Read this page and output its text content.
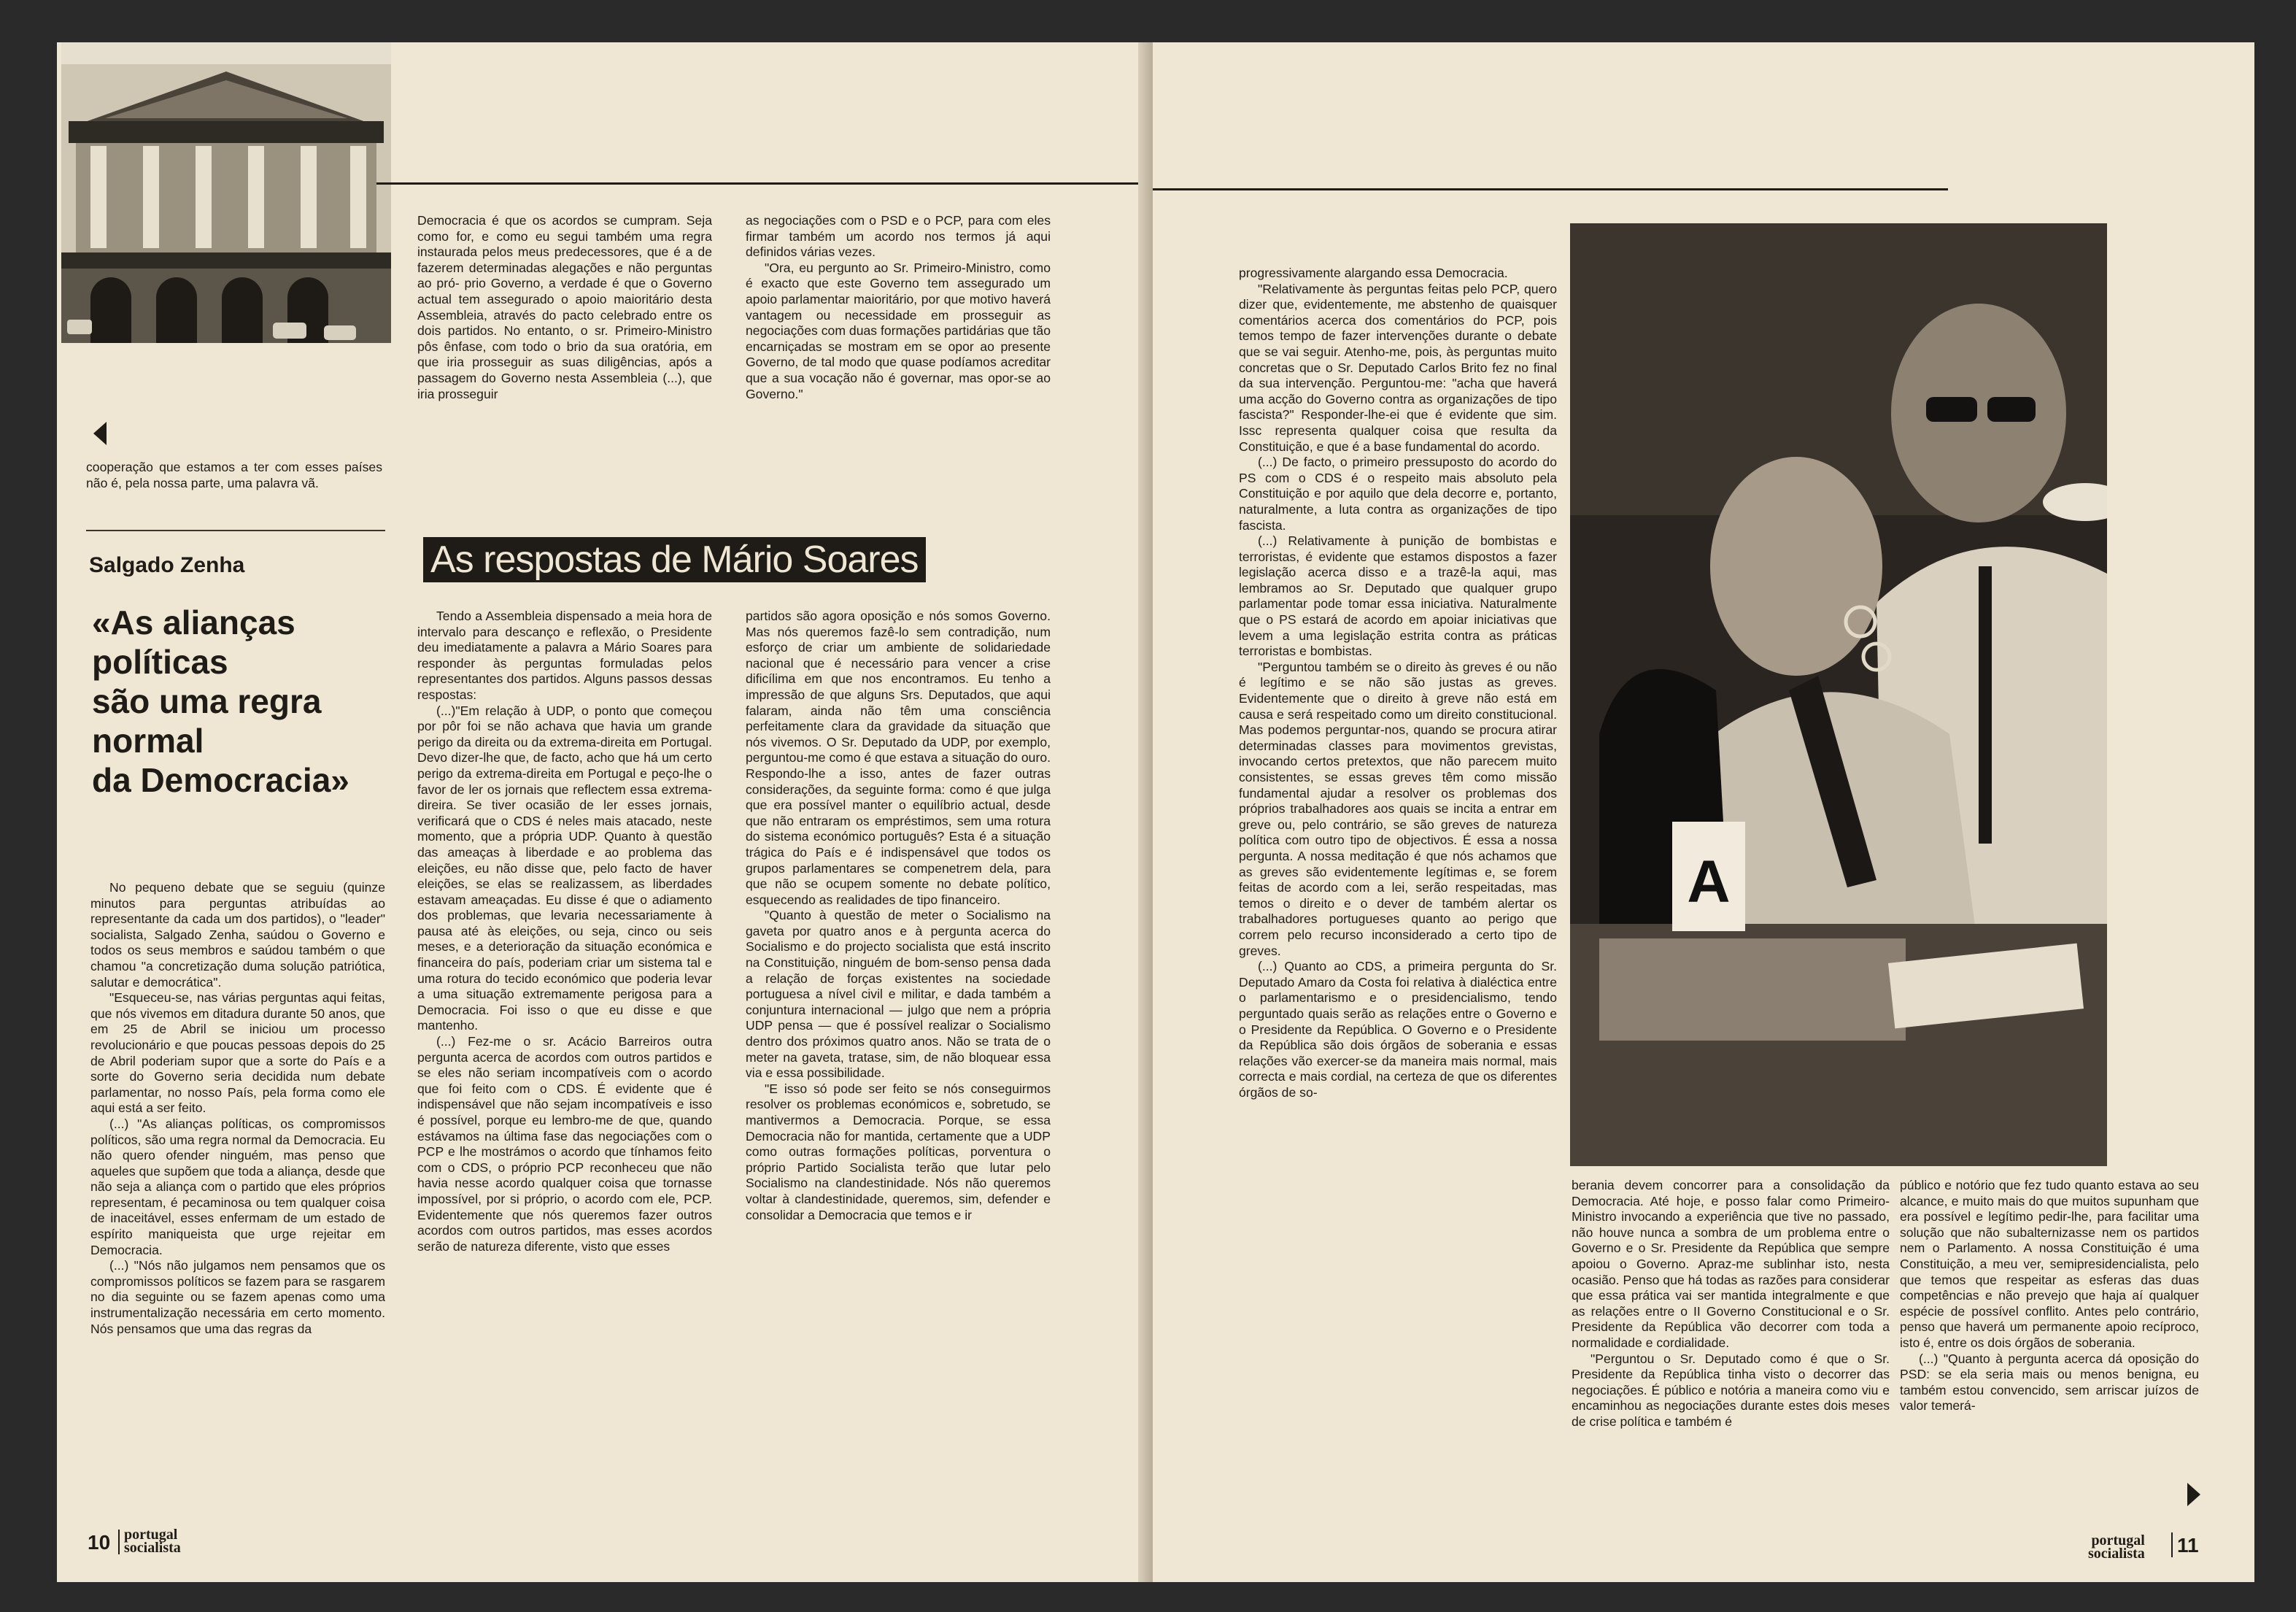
cooperação que estamos a ter com esses países não é, pela nossa parte, uma palavra vã.

Salgado Zenha
«As alianças
políticas
são uma regra
normal
da Democracia»

No pequeno debate que se seguiu (quinze minutos para perguntas atribuídas ao representante da cada um dos partidos), o "leader" socialista, Salgado Zenha, saúdou o Governo e todos os seus membros e saúdou também o que chamou "a concretização duma solução patriótica, salutar e democrática".

"Esqueceu-se, nas várias perguntas aqui feitas, que nós vivemos em ditadura durante 50 anos, que em 25 de Abril se iniciou um processo revolucionário e que poucas pessoas depois do 25 de Abril poderiam supor que a sorte do País e a sorte do Governo seria decidida num debate parlamentar, no nosso País, pela forma como ele aqui está a ser feito.

(...) "As alianças políticas, os compromissos políticos, são uma regra normal da Democracia. Eu não quero ofender ninguém, mas penso que aqueles que supõem que toda a aliança, desde que não seja a aliança com o partido que eles próprios representam, é pecaminosa ou tem qualquer coisa de inaceitável, esses enfermam de um estado de espírito maniqueista que urge rejeitar em Democracia.

(...) "Nós não julgamos nem pensamos que os compromissos políticos se fazem para se rasgarem no dia seguinte ou se fazem apenas como uma instrumentalização necessária em certo momento. Nós pensamos que uma das regras da

Democracia é que os acordos se cumpram. Seja como for, e como eu segui também uma regra instaurada pelos meus predecessores, que é a de fazerem determinadas alegações e não perguntas ao pró- prio Governo, a verdade é que o Governo actual tem assegurado o apoio maioritário desta Assembleia, através do pacto celebrado entre os dois partidos. No entanto, o sr. Primeiro-Ministro pôs ênfase, com todo o brio da sua oratória, em que iria prosseguir as suas diligências, após a passagem do Governo nesta Assembleia (...), que iria prosseguir

as negociações com o PSD e o PCP, para com eles firmar também um acordo nos termos já aqui definidos várias vezes.

"Ora, eu pergunto ao Sr. Primeiro-Ministro, como é exacto que este Governo tem assegurado um apoio parlamentar maioritário, por que motivo haverá vantagem ou necessidade em prosseguir as negociações com duas formações partidárias que tão encarniçadas se mostram em se opor ao presente Governo, de tal modo que quase podíamos acreditar que a sua vocação não é governar, mas opor-se ao Governo."

As respostas de Mário Soares

Tendo a Assembleia dispensado a meia hora de intervalo para descanço e reflexão, o Presidente deu imediatamente a palavra a Mário Soares para responder às perguntas formuladas pelos representantes dos partidos. Alguns passos dessas respostas:

(...)"Em relação à UDP, o ponto que começou por pôr foi se não achava que havia um grande perigo da direita ou da extrema-direita em Portugal. Devo dizer-lhe que, de facto, acho que há um certo perigo da extrema-direita em Portugal e peço-lhe o favor de ler os jornais que reflectem essa extrema-direira. Se tiver ocasião de ler esses jornais, verificará que o CDS é neles mais atacado, neste momento, que a própria UDP. Quanto à questão das ameaças à liberdade e ao problema das eleições, eu não disse que, pelo facto de haver eleições, se elas se realizassem, as liberdades estavam ameaçadas. Eu disse é que o adiamento dos problemas, que levaria necessariamente à pausa até às eleições, ou seja, cinco ou seis meses, e a deterioração da situação económica e financeira do país, poderiam criar um sistema tal e uma rotura do tecido económico que poderia levar a uma situação extremamente perigosa para a Democracia. Foi isso o que eu disse e que mantenho.

(...) Fez-me o sr. Acácio Barreiros outra pergunta acerca de acordos com outros partidos e se eles não seriam incompatíveis com o acordo que foi feito com o CDS. É evidente que é indispensável que não sejam incompatíveis e isso é possível, porque eu lembro-me de que, quando estávamos na última fase das negociações com o PCP e lhe mostrámos o acordo que tínhamos feito com o CDS, o próprio PCP reconheceu que não havia nesse acordo qualquer coisa que tornasse impossível, por si próprio, o acordo com ele, PCP. Evidentemente que nós queremos fazer outros acordos com outros partidos, mas esses acordos serão de natureza diferente, visto que esses

partidos são agora oposição e nós somos Governo. Mas nós queremos fazê-lo sem contradição, num esforço de criar um ambiente de solidariedade nacional que é necessário para vencer a crise dificílima em que nos encontramos. Eu tenho a impressão de que alguns Srs. Deputados, que aqui falaram, ainda não têm uma consciência perfeitamente clara da gravidade da situação que nós vivemos. O Sr. Deputado da UDP, por exemplo, perguntou-me como é que estava a situação do ouro. Respondo-lhe a isso, antes de fazer outras considerações, da seguinte forma: como é que julga que era possível manter o equilíbrio actual, desde que não entraram os empréstimos, sem uma rotura do sistema económico português? Esta é a situação trágica do País e é indispensável que todos os grupos parlamentares se compenetrem dela, para que não se ocupem somente no debate político, esquecendo as realidades de tipo financeiro.

"Quanto à questão de meter o Socialismo na gaveta por quatro anos e à pergunta acerca do Socialismo e do projecto socialista que está inscrito na Constituição, ninguém de bom-senso pensa dada a relação de forças existentes na sociedade portuguesa a nível civil e militar, e dada também a conjuntura internacional — julgo que nem a própria UDP pensa — que é possível realizar o Socialismo dentro dos próximos quatro anos. Não se trata de o meter na gaveta, tratase, sim, de não bloquear essa via e essa possibilidade.

"E isso só pode ser feito se nós conseguirmos resolver os problemas económicos e, sobretudo, se mantivermos a Democracia. Porque, se essa Democracia não for mantida, certamente que a UDP como outras formações políticas, porventura o próprio Partido Socialista terão que lutar pelo Socialismo na clandestinidade. Nós não queremos voltar à clandestinidade, queremos, sim, defender e consolidar a Democracia que temos e ir

10 portugal
socialista
A

progressivamente alargando essa Democracia.

"Relativamente às perguntas feitas pelo PCP, quero dizer que, evidentemente, me abstenho de quaisquer comentários acerca dos comentários do PCP, pois temos tempo de fazer intervenções durante o debate que se vai seguir. Atenho-me, pois, às perguntas muito concretas que o Sr. Deputado Carlos Brito fez no final da sua intervenção. Perguntou-me: "acha que haverá uma acção do Governo contra as organizações de tipo fascista?" Responder-lhe-ei que é evidente que sim. Issc representa qualquer coisa que resulta da Constituição, e que é a base fundamental do acordo.

(...) De facto, o primeiro pressuposto do acordo do PS com o CDS é o respeito mais absoluto pela Constituição e por aquilo que dela decorre e, portanto, naturalmente, a luta contra as organizações de tipo fascista.

(...) Relativamente à punição de bombistas e terroristas, é evidente que estamos dispostos a fazer legislação acerca disso e a trazê-la aqui, mas lembramos ao Sr. Deputado que qualquer grupo parlamentar pode tomar essa iniciativa. Naturalmente que o PS estará de acordo em apoiar iniciativas que levem a uma legislação estrita contra as práticas terroristas e bombistas.

"Perguntou também se o direito às greves é ou não é legítimo e se não são justas as greves. Evidentemente que o direito à greve não está em causa e será respeitado como um direito constitucional. Mas podemos perguntar-nos, quando se procura atirar determinadas classes para movimentos grevistas, invocando certos pretextos, que não parecem muito consistentes, se essas greves têm como missão fundamental ajudar a resolver os problemas dos próprios trabalhadores aos quais se incita a entrar em greve ou, pelo contrário, se são greves de natureza política com outro tipo de objectivos. É essa a nossa pergunta. A nossa meditação é que nós achamos que as greves são evidentemente legítimas e, se forem feitas de acordo com a lei, serão respeitadas, mas temos o direito e o dever de também alertar os trabalhadores portugueses quanto ao perigo que correm pelo recurso inconsiderado a certo tipo de greves.

(...) Quanto ao CDS, a primeira pergunta do Sr. Deputado Amaro da Costa foi relativa à dialéctica entre o parlamentarismo e o presidencialismo, tendo perguntado quais serão as relações entre o Governo e o Presidente da República. O Governo e o Presidente da República são dois órgãos de soberania e essas relações vão exercer-se da maneira mais normal, mais correcta e mais cordial, na certeza de que os diferentes órgãos de so-

berania devem concorrer para a consolidação da Democracia. Até hoje, e posso falar como Primeiro-Ministro invocando a experiência que tive no passado, não houve nunca a sombra de um problema entre o Governo e o Sr. Presidente da República que sempre apoiou o Governo. Apraz-me sublinhar isto, nesta ocasião. Penso que há todas as razões para considerar que essa prática vai ser mantida integralmente e que as relações entre o II Governo Constitucional e o Sr. Presidente da República vão decorrer com toda a normalidade e cordialidade.

"Perguntou o Sr. Deputado como é que o Sr. Presidente da República tinha visto o decorrer das negociações. É público e notória a maneira como viu e encaminhou as negociações durante estes dois meses de crise política e também é

público e notório que fez tudo quanto estava ao seu alcance, e muito mais do que muitos supunham que era possível e legítimo pedir-lhe, para facilitar uma solução que não subalternizasse nem os partidos nem o Parlamento. A nossa Constituição é uma Constituição, a meu ver, semipresidencialista, pelo que temos que respeitar as esferas das duas competências e não prevejo que haja aí qualquer espécie de possível conflito. Antes pelo contrário, penso que haverá um permanente apoio recíproco, isto é, entre os dois órgãos de soberania.

(...) "Quanto à pergunta acerca dá oposição do PSD: se ela seria mais ou menos benigna, eu também estou convencido, sem arriscar juízos de valor temerá-

portugal
socialista 11
